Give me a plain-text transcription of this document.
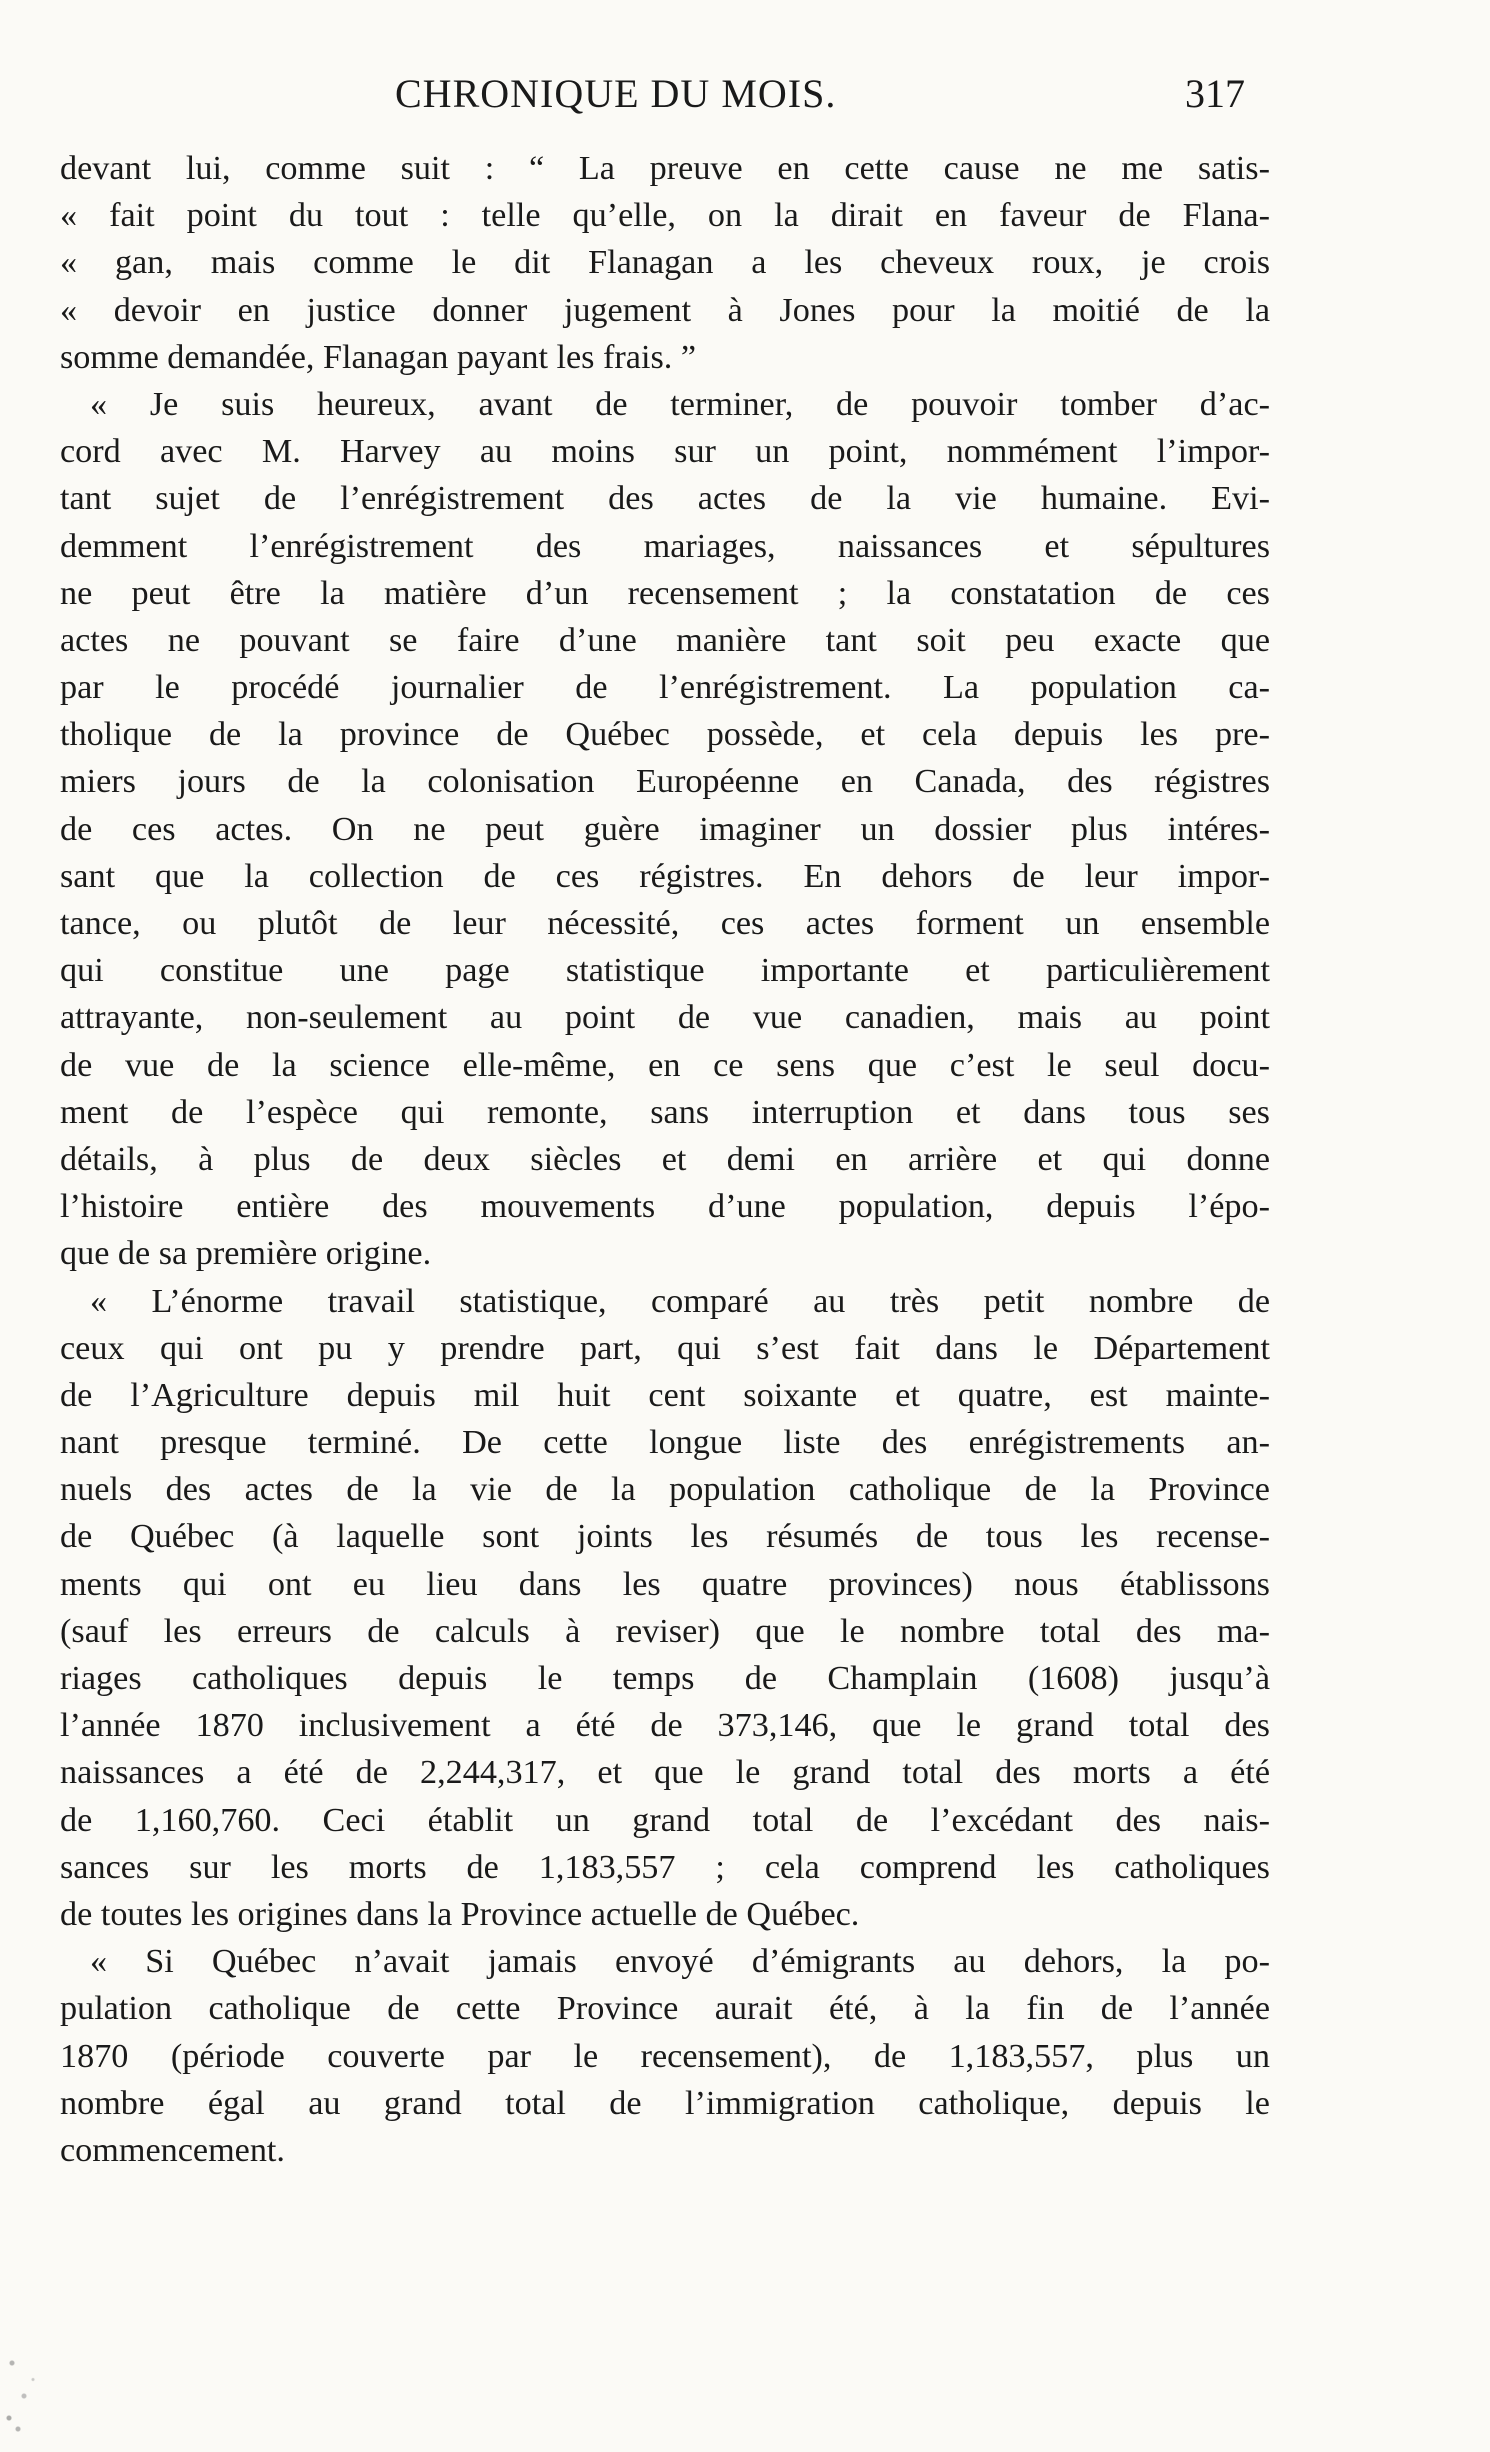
CHRONIQUE DU MOIS.	317
devant lui, comme suit : “ La preuve en cette cause ne me satis-
« fait point du tout : telle qu’elle, on la dirait en faveur de Flana-
« gan, mais comme le dit Flanagan a les cheveux roux, je crois
« devoir en justice donner jugement à Jones pour la moitié de la
somme demandée, Flanagan payant les frais. ”
« Je suis heureux, avant de terminer, de pouvoir tomber d’ac-
cord avec M. Harvey au moins sur un point, nommément l’impor-
tant sujet de l’enrégistrement des actes de la vie humaine. Evi-
demment l’enrégistrement des mariages, naissances et sépultures
ne peut être la matière d’un recensement ; la constatation de ces
actes ne pouvant se faire d’une manière tant soit peu exacte que
par le procédé journalier de l’enrégistrement. La population ca-
tholique de la province de Québec possède, et cela depuis les pre-
miers jours de la colonisation Européenne en Canada, des régistres
de ces actes. On ne peut guère imaginer un dossier plus intéres-
sant que la collection de ces régistres. En dehors de leur impor-
tance, ou plutôt de leur nécessité, ces actes forment un ensemble
qui constitue une page statistique importante et particulièrement
attrayante, non-seulement au point de vue canadien, mais au point
de vue de la science elle-même, en ce sens que c’est le seul docu-
ment de l’espèce qui remonte, sans interruption et dans tous ses
détails, à plus de deux siècles et demi en arrière et qui donne
l’histoire entière des mouvements d’une population, depuis l’épo-
que de sa première origine.
« L’énorme travail statistique, comparé au très petit nombre de
ceux qui ont pu y prendre part, qui s’est fait dans le Département
de l’Agriculture depuis mil huit cent soixante et quatre, est mainte-
nant presque terminé. De cette longue liste des enrégistrements an-
nuels des actes de la vie de la population catholique de la Province
de Québec (à laquelle sont joints les résumés de tous les recense-
ments qui ont eu lieu dans les quatre provinces) nous établissons
(sauf les erreurs de calculs à reviser) que le nombre total des ma-
riages catholiques depuis le temps de Champlain (1608) jusqu’à
l’année 1870 inclusivement a été de 373,146, que le grand total des
naissances a été de 2,244,317, et que le grand total des morts a été
de 1,160,760. Ceci établit un grand total de l’excédant des nais-
sances sur les morts de 1,183,557 ; cela comprend les catholiques
de toutes les origines dans la Province actuelle de Québec.
« Si Québec n’avait jamais envoyé d’émigrants au dehors, la po-
pulation catholique de cette Province aurait été, à la fin de l’année
1870 (période couverte par le recensement), de 1,183,557, plus un
nombre égal au grand total de l’immigration catholique, depuis le
commencement.
